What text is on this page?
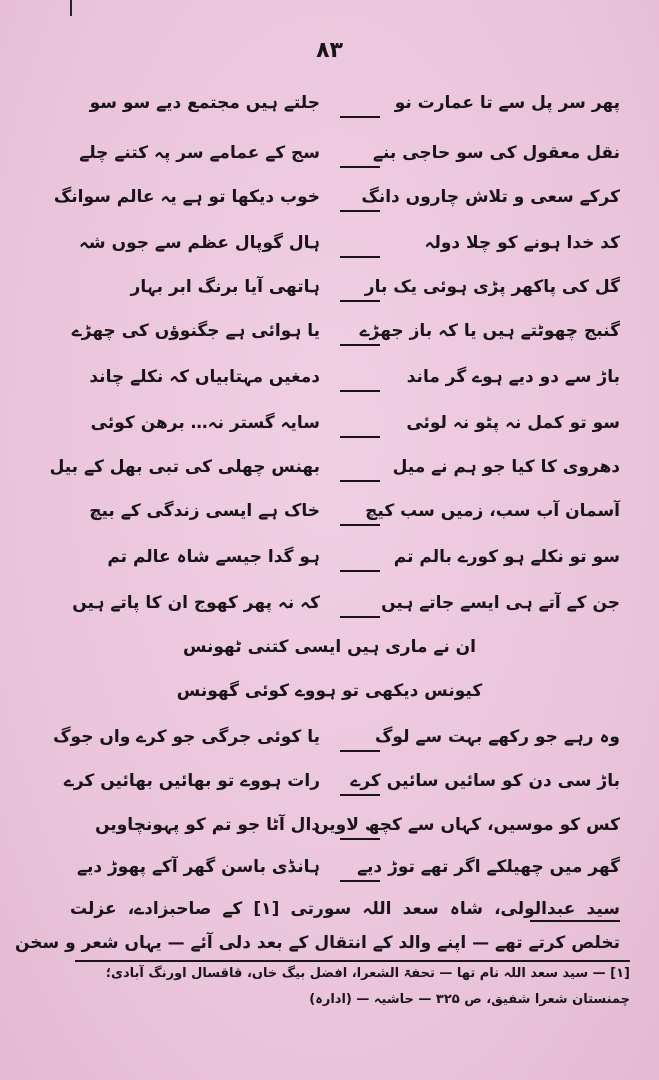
۸۳
پھر سر پل سے تا عمارت نو
جلتے ہیں مجتمع دیے سو سو
نقل معقول کی سو حاجی بنے
سج کے عمامے سر پہ کتنے چلے
کرکے سعی و تلاش چاروں دانگ
خوب دیکھا تو ہے یہ عالم سوانگ
کد خدا ہونے کو چلا دولہ
ہال گوپال عظم سے جوں شہ
گل کی پاکھر پڑی ہوئی یک بار
ہاتھی آیا برنگ ابر بہار
گنبج چھوٹتے ہیں یا کہ باز جھڑے
یا ہوائی ہے جگنوؤں کی چھڑے
باڑ سے دو دیے ہوے گر ماند
دمغیں مہتابیاں کہ نکلے چاند
سو تو کمل نہ پٹو نہ لوئی
سایہ گستر نہ… برھن کوئی
دھروی کا کیا جو ہم نے میل
بھنس چھلی کی تبی بھل کے بیل
آسمان آب سب، زمیں سب کیچ
خاک ہے ایسی زندگی کے بیچ
سو تو نکلے ہو کورے بالم تم
ہو گدا جیسے شاہ عالم تم
جن کے آتے ہی ایسے جاتے ہیں
کہ نہ پھر کھوج ان کا پاتے ہیں
ان نے ماری ہیں ایسی کتنی ٹھونس
کیونس دیکھی تو ہووے کوئی گھونس
وہ رہے جو رکھے بہت سے لوگ
یا کوئی جرگی جو کرے واں جوگ
باڑ سی دن کو سائیں سائیں کرے
رات ہووے تو بھائیں بھائیں کرے
کس کو موسیں، کہاں سے کچھ لاویں
دال آٹا جو تم کو پہونچاویں
گھر میں چھیلکے اگر تھے توڑ دیے
ہانڈی باسن گھر آکے پھوڑ دیے
سید عبدالولی، شاہ سعد اللہ سورتی [۱] کے صاحبزادے، عزلت
تخلص کرتے تھے — اپنے والد کے انتقال کے بعد دلی آئے — یہاں شعر و سخن
[۱] — سید سعد اللہ نام تھا — تحفۃ الشعرا، افضل بیگ خاں، قاقسال اورنگ آبادی؛
چمنستان شعرا شفیق، ص ۳۲۵ — حاشیہ — (ادارہ)
